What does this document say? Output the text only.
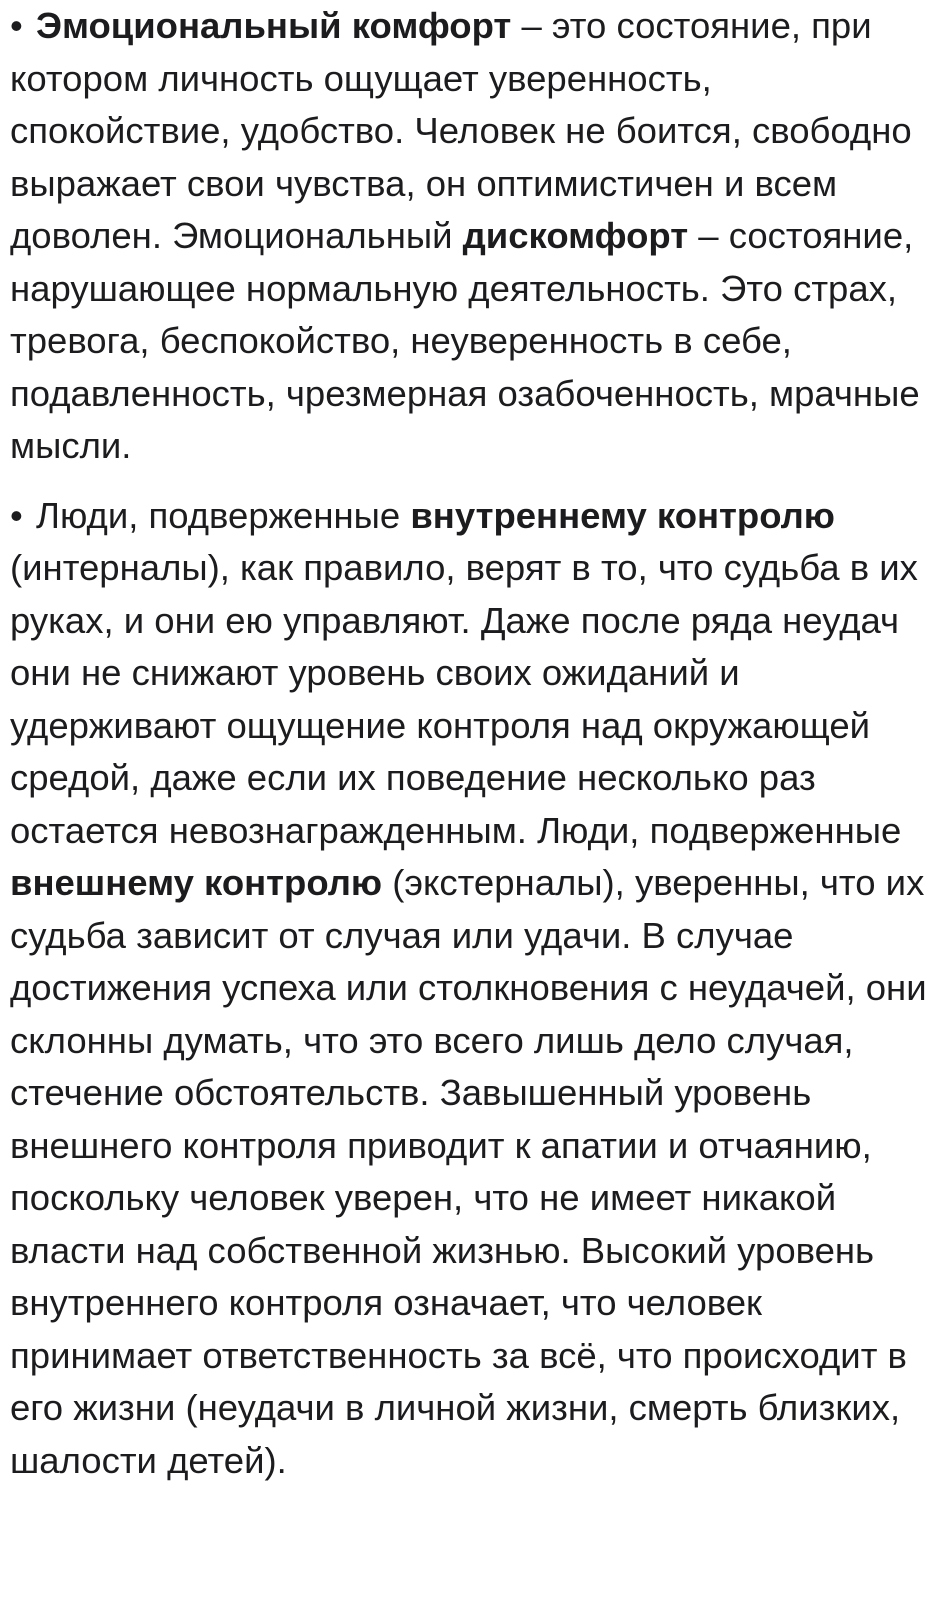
• Эмоциональный комфорт – это состояние, при котором личность ощущает уверенность, спокойствие, удобство. Человек не боится, свободно выражает свои чувства, он оптимистичен и всем доволен. Эмоциональный дискомфорт – состояние, нарушающее нормальную деятельность. Это страх, тревога, беспокойство, неуверенность в себе, подавленность, чрезмерная озабоченность, мрачные мысли.

• Люди, подверженные внутреннему контролю (интерналы), как правило, верят в то, что судьба в их руках, и они ею управляют. Даже после ряда неудач они не снижают уровень своих ожиданий и удерживают ощущение контроля над окружающей средой, даже если их поведение несколько раз остается невознагражденным. Люди, подверженные внешнему контролю (экстерналы), уверенны, что их судьба зависит от случая или удачи. В случае достижения успеха или столкновения с неудачей, они склонны думать, что это всего лишь дело случая, стечение обстоятельств. Завышенный уровень внешнего контроля приводит к апатии и отчаянию, поскольку человек уверен, что не имеет никакой власти над собственной жизнью. Высокий уровень внутреннего контроля означает, что человек принимает ответственность за всё, что происходит в его жизни (неудачи в личной жизни, смерть близких, шалости детей).
